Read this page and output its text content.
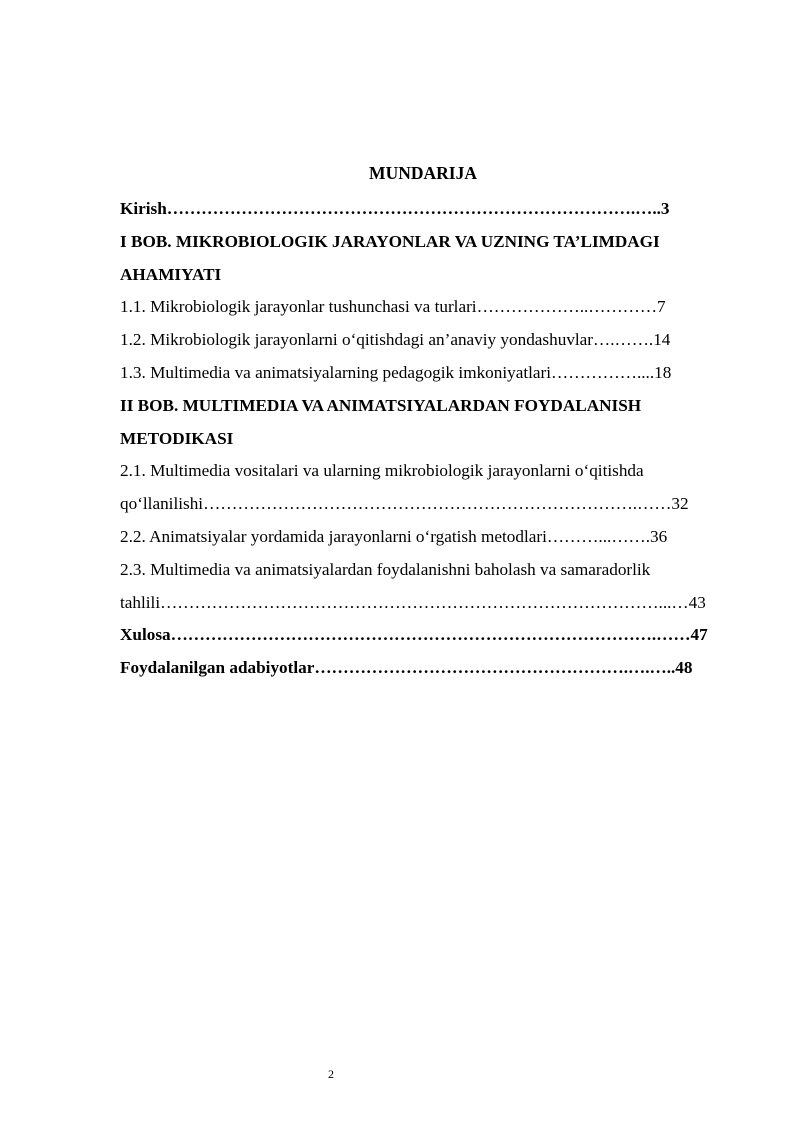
MUNDARIJA
Kirish……………………………………………………………………….…..3
I BOB. MIKROBIOLOGIK JARAYONLAR VA UZNING TA’LIMDAGI
AHAMIYATI
1.1. Mikrobiologik jarayonlar tushunchasi va turlari………………..…………7
1.2. Mikrobiologik jarayonlarni o‘qitishdagi an’anaviy yondashuvlar….…….14
1.3. Multimedia va animatsiyalarning pedagogik imkoniyatlari……………....18
II BOB. MULTIMEDIA VA ANIMATSIYALARDAN FOYDALANISH
METODIKASI
2.1. Multimedia vositalari va ularning mikrobiologik jarayonlarni o‘qitishda
qo‘llanilishi………………………………………………………………….……32
2.2. Animatsiyalar yordamida jarayonlarni o‘rgatish metodlari………...…….36
2.3. Multimedia va animatsiyalardan foydalanishni baholash va samaradorlik
tahlili……………………………………………………………………………...…43
Xulosa………………………………………………………………………….……47
Foydalanilgan adabiyotlar……………………………………………….….…..48
2
